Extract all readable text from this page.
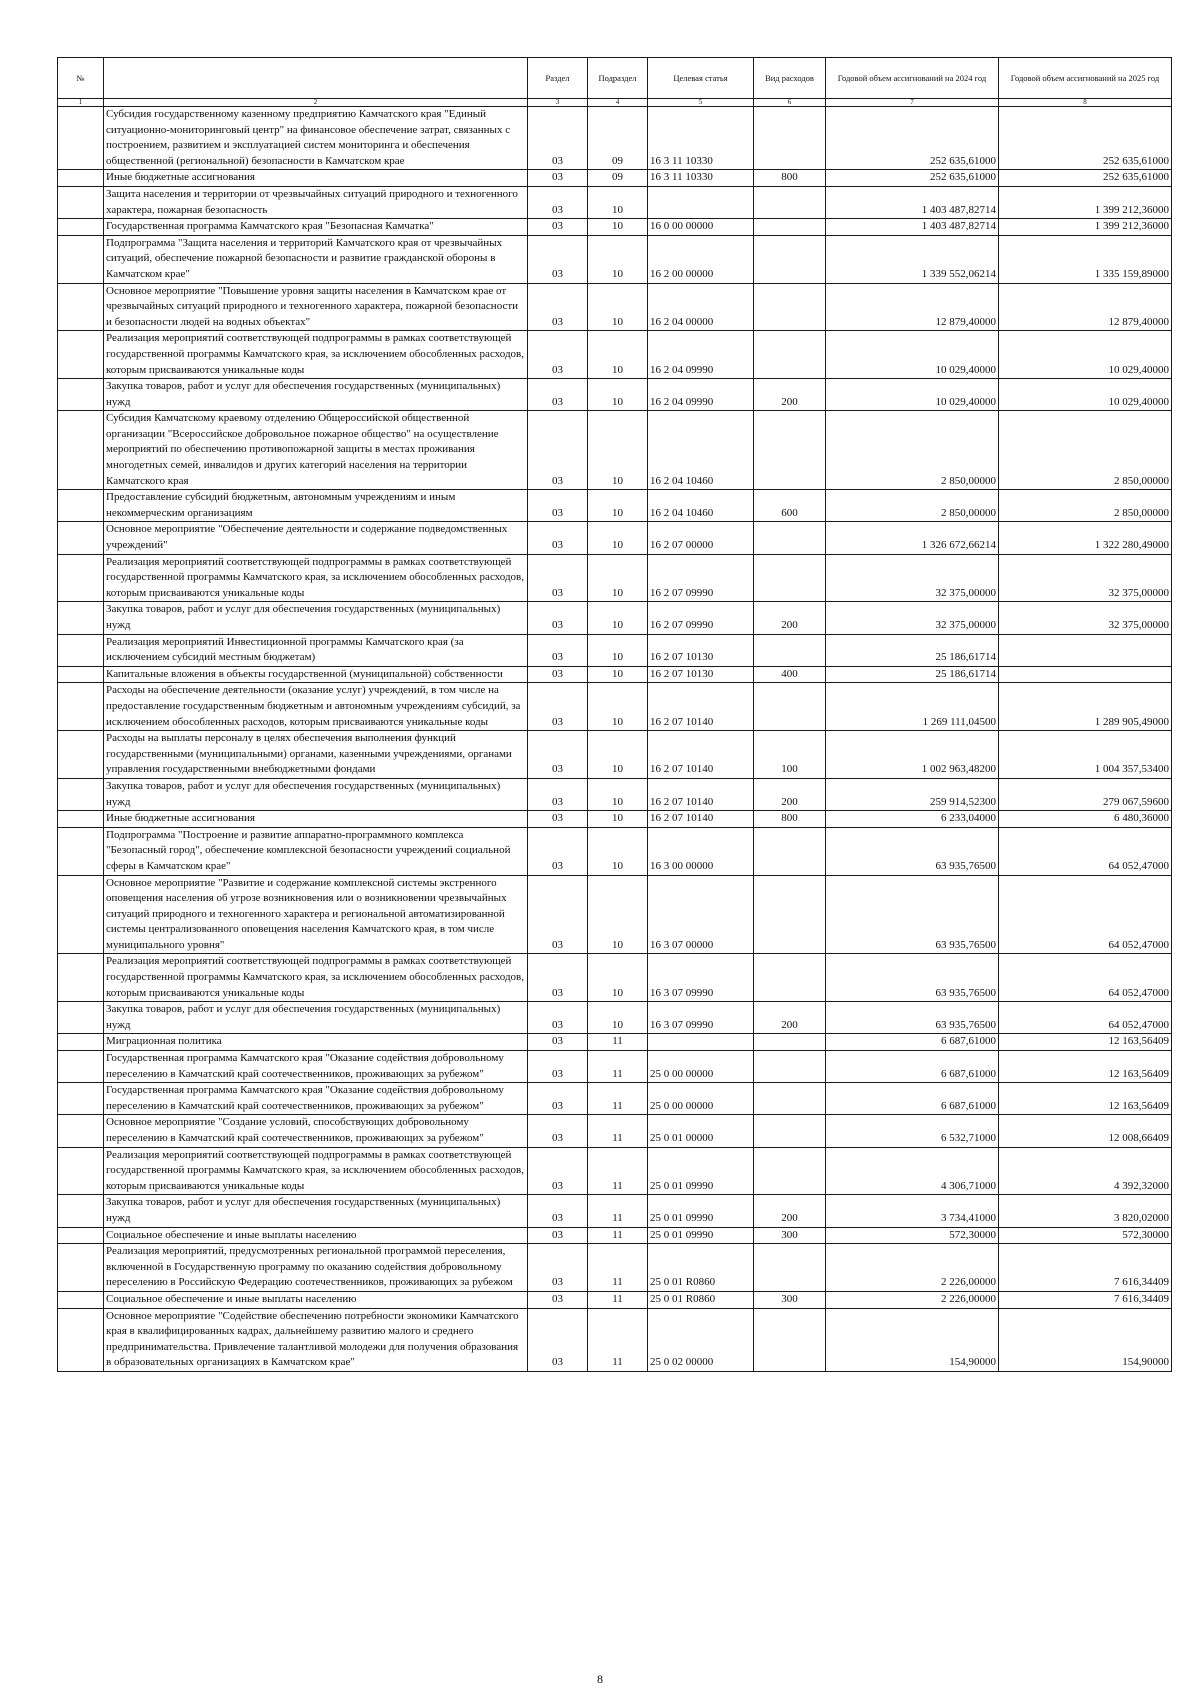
№		Раздел	Подраздел	Целевая статья	Вид расходов	Годовой объем ассигнований на 2024 год	Годовой объем ассигнований на 2025 год
1	2	3	4	5	6	7	8
	Субсидия государственному казенному предприятию Камчатского края "Единый ситуационно-мониторинговый центр" на финансовое обеспечение затрат, связанных с построением, развитием и эксплуатацией систем мониторинга и обеспечения общественной (региональной) безопасности в Камчатском крае	03	09	16 3 11 10330		252 635,61000	252 635,61000
	Иные бюджетные ассигнования	03	09	16 3 11 10330	800	252 635,61000	252 635,61000
	Защита населения и территории от чрезвычайных ситуаций природного и техногенного характера, пожарная безопасность	03	10			1 403 487,82714	1 399 212,36000
	Государственная программа Камчатского края "Безопасная Камчатка"	03	10	16 0 00 00000		1 403 487,82714	1 399 212,36000
	Подпрограмма "Защита населения и территорий Камчатского края от чрезвычайных ситуаций, обеспечение пожарной безопасности и развитие гражданской обороны в Камчатском крае"	03	10	16 2 00 00000		1 339 552,06214	1 335 159,89000
	Основное мероприятие "Повышение уровня защиты населения в Камчатском крае от чрезвычайных ситуаций природного и техногенного характера, пожарной безопасности и безопасности людей на водных объектах"	03	10	16 2 04 00000		12 879,40000	12 879,40000
	Реализация мероприятий соответствующей подпрограммы в рамках соответствующей государственной программы Камчатского края, за исключением обособленных расходов, которым присваиваются уникальные коды	03	10	16 2 04 09990		10 029,40000	10 029,40000
	Закупка товаров, работ и услуг для обеспечения государственных (муниципальных) нужд	03	10	16 2 04 09990	200	10 029,40000	10 029,40000
	Субсидия Камчатскому краевому отделению Общероссийской общественной организации "Всероссийское добровольное пожарное общество" на осуществление мероприятий по обеспечению противопожарной защиты в местах проживания многодетных семей, инвалидов и других категорий населения на территории Камчатского края	03	10	16 2 04 10460		2 850,00000	2 850,00000
	Предоставление субсидий бюджетным, автономным учреждениям и иным некоммерческим организациям	03	10	16 2 04 10460	600	2 850,00000	2 850,00000
	Основное мероприятие "Обеспечение деятельности и содержание подведомственных учреждений"	03	10	16 2 07 00000		1 326 672,66214	1 322 280,49000
	Реализация мероприятий соответствующей подпрограммы в рамках соответствующей государственной программы Камчатского края, за исключением обособленных расходов, которым присваиваются уникальные коды	03	10	16 2 07 09990		32 375,00000	32 375,00000
	Закупка товаров, работ и услуг для обеспечения государственных (муниципальных) нужд	03	10	16 2 07 09990	200	32 375,00000	32 375,00000
	Реализация мероприятий Инвестиционной программы Камчатского края (за исключением субсидий местным бюджетам)	03	10	16 2 07 10130		25 186,61714	
	Капитальные вложения в объекты государственной (муниципальной) собственности	03	10	16 2 07 10130	400	25 186,61714	
	Расходы на обеспечение деятельности (оказание услуг) учреждений, в том числе на предоставление государственным бюджетным и автономным учреждениям субсидий, за исключением обособленных расходов, которым присваиваются уникальные коды	03	10	16 2 07 10140		1 269 111,04500	1 289 905,49000
	Расходы на выплаты персоналу в целях обеспечения выполнения функций государственными (муниципальными) органами, казенными учреждениями, органами управления государственными внебюджетными фондами	03	10	16 2 07 10140	100	1 002 963,48200	1 004 357,53400
	Закупка товаров, работ и услуг для обеспечения государственных (муниципальных) нужд	03	10	16 2 07 10140	200	259 914,52300	279 067,59600
	Иные бюджетные ассигнования	03	10	16 2 07 10140	800	6 233,04000	6 480,36000
	Подпрограмма "Построение и развитие аппаратно-программного комплекса "Безопасный город", обеспечение комплексной безопасности учреждений социальной сферы в Камчатском крае"	03	10	16 3 00 00000		63 935,76500	64 052,47000
	Основное мероприятие "Развитие и содержание комплексной системы экстренного оповещения населения об угрозе возникновения или о возникновении чрезвычайных ситуаций природного и техногенного характера и региональной автоматизированной системы централизованного оповещения населения Камчатского края, в том числе муниципального уровня"	03	10	16 3 07 00000		63 935,76500	64 052,47000
	Реализация мероприятий соответствующей подпрограммы в рамках соответствующей государственной программы Камчатского края, за исключением обособленных расходов, которым присваиваются уникальные коды	03	10	16 3 07 09990		63 935,76500	64 052,47000
	Закупка товаров, работ и услуг для обеспечения государственных (муниципальных) нужд	03	10	16 3 07 09990	200	63 935,76500	64 052,47000
	Миграционная политика	03	11			6 687,61000	12 163,56409
	Государственная программа Камчатского края "Оказание содействия добровольному переселению в Камчатский край соотечественников, проживающих за рубежом"	03	11	25 0 00 00000		6 687,61000	12 163,56409
	Государственная программа Камчатского края "Оказание содействия добровольному переселению в Камчатский край соотечественников, проживающих за рубежом"	03	11	25 0 00 00000		6 687,61000	12 163,56409
	Основное мероприятие "Создание условий, способствующих добровольному переселению в Камчатский край соотечественников, проживающих за рубежом"	03	11	25 0 01 00000		6 532,71000	12 008,66409
	Реализация мероприятий соответствующей подпрограммы в рамках соответствующей государственной программы Камчатского края, за исключением обособленных расходов, которым присваиваются уникальные коды	03	11	25 0 01 09990		4 306,71000	4 392,32000
	Закупка товаров, работ и услуг для обеспечения государственных (муниципальных) нужд	03	11	25 0 01 09990	200	3 734,41000	3 820,02000
	Социальное обеспечение и иные выплаты населению	03	11	25 0 01 09990	300	572,30000	572,30000
	Реализация мероприятий, предусмотренных региональной программой переселения, включенной в Государственную программу по оказанию содействия добровольному переселению в Российскую Федерацию соотечественников, проживающих за рубежом	03	11	25 0 01 R0860		2 226,00000	7 616,34409
	Социальное обеспечение и иные выплаты населению	03	11	25 0 01 R0860	300	2 226,00000	7 616,34409
	Основное мероприятие "Содействие обеспечению потребности экономики Камчатского края в квалифицированных кадрах, дальнейшему развитию малого и среднего предпринимательства. Привлечение талантливой молодежи для получения образования в образовательных организациях в Камчатском крае"	03	11	25 0 02 00000		154,90000	154,90000
8
